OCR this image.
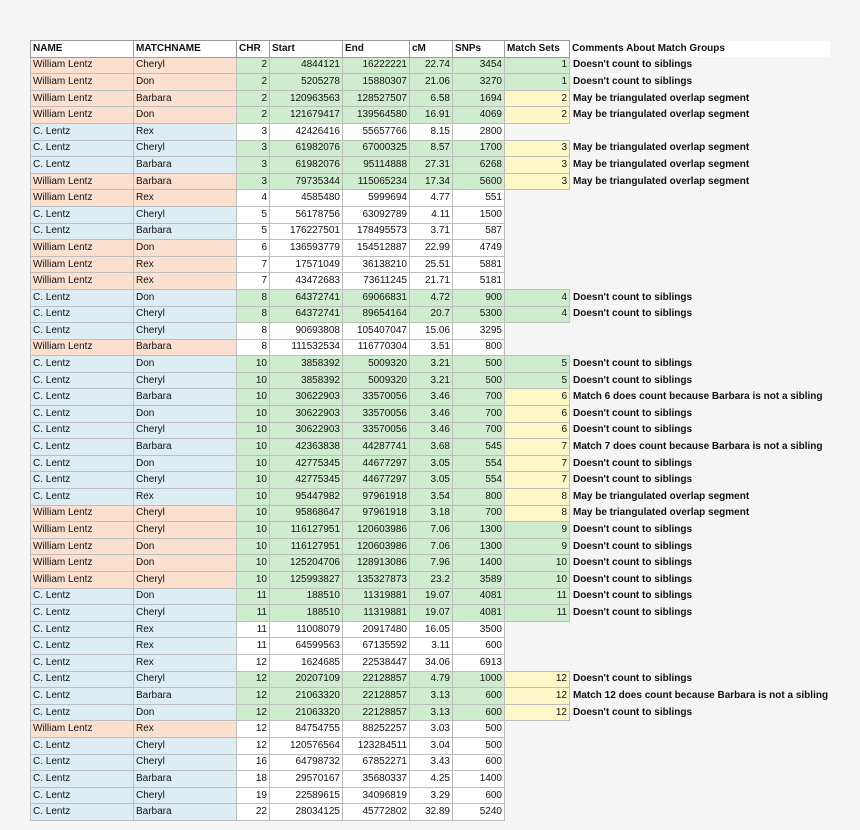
NAME	MATCHNAME	CHR	Start	End	cM	SNPs	Match Sets	Comments About Match Groups
William Lentz	Cheryl	2	4844121	16222221	22.74	3454	1	Doesn't count to siblings
William Lentz	Don	2	5205278	15880307	21.06	3270	1	Doesn't count to siblings
William Lentz	Barbara	2	120963563	128527507	6.58	1694	2	May be triangulated overlap segment
William Lentz	Don	2	121679417	139564580	16.91	4069	2	May be triangulated overlap segment
C. Lentz	Rex	3	42426416	55657766	8.15	2800		
C. Lentz	Cheryl	3	61982076	67000325	8.57	1700	3	May be triangulated overlap segment
C. Lentz	Barbara	3	61982076	95114888	27.31	6268	3	May be triangulated overlap segment
William Lentz	Barbara	3	79735344	115065234	17.34	5600	3	May be triangulated overlap segment
William Lentz	Rex	4	4585480	5999694	4.77	551		
C. Lentz	Cheryl	5	56178756	63092789	4.11	1500		
C. Lentz	Barbara	5	176227501	178495573	3.71	587		
William Lentz	Don	6	136593779	154512887	22.99	4749		
William Lentz	Rex	7	17571049	36138210	25.51	5881		
William Lentz	Rex	7	43472683	73611245	21.71	5181		
C. Lentz	Don	8	64372741	69066831	4.72	900	4	Doesn't count to siblings
C. Lentz	Cheryl	8	64372741	89654164	20.7	5300	4	Doesn't count to siblings
C. Lentz	Cheryl	8	90693808	105407047	15.06	3295		
William Lentz	Barbara	8	111532534	116770304	3.51	800		
C. Lentz	Don	10	3858392	5009320	3.21	500	5	Doesn't count to siblings
C. Lentz	Cheryl	10	3858392	5009320	3.21	500	5	Doesn't count to siblings
C. Lentz	Barbara	10	30622903	33570056	3.46	700	6	Match 6 does count because Barbara is not a sibling
C. Lentz	Don	10	30622903	33570056	3.46	700	6	Doesn't count to siblings
C. Lentz	Cheryl	10	30622903	33570056	3.46	700	6	Doesn't count to siblings
C. Lentz	Barbara	10	42363838	44287741	3.68	545	7	Match 7 does count because Barbara is not a sibling
C. Lentz	Don	10	42775345	44677297	3.05	554	7	Doesn't count to siblings
C. Lentz	Cheryl	10	42775345	44677297	3.05	554	7	Doesn't count to siblings
C. Lentz	Rex	10	95447982	97961918	3.54	800	8	May be triangulated overlap segment
William Lentz	Cheryl	10	95868647	97961918	3.18	700	8	May be triangulated overlap segment
William Lentz	Cheryl	10	116127951	120603986	7.06	1300	9	Doesn't count to siblings
William Lentz	Don	10	116127951	120603986	7.06	1300	9	Doesn't count to siblings
William Lentz	Don	10	125204706	128913086	7.96	1400	10	Doesn't count to siblings
William Lentz	Cheryl	10	125993827	135327873	23.2	3589	10	Doesn't count to siblings
C. Lentz	Don	11	188510	11319881	19.07	4081	11	Doesn't count to siblings
C. Lentz	Cheryl	11	188510	11319881	19.07	4081	11	Doesn't count to siblings
C. Lentz	Rex	11	11008079	20917480	16.05	3500		
C. Lentz	Rex	11	64599563	67135592	3.11	600		
C. Lentz	Rex	12	1624685	22538447	34.06	6913		
C. Lentz	Cheryl	12	20207109	22128857	4.79	1000	12	Doesn't count to siblings
C. Lentz	Barbara	12	21063320	22128857	3.13	600	12	Match 12 does count because Barbara is not a sibling
C. Lentz	Don	12	21063320	22128857	3.13	600	12	Doesn't count to siblings
William Lentz	Rex	12	84754755	88252257	3.03	500		
C. Lentz	Cheryl	12	120576564	123284511	3.04	500		
C. Lentz	Cheryl	16	64798732	67852271	3.43	600		
C. Lentz	Barbara	18	29570167	35680337	4.25	1400		
C. Lentz	Cheryl	19	22589615	34096819	3.29	600		
C. Lentz	Barbara	22	28034125	45772802	32.89	5240		
